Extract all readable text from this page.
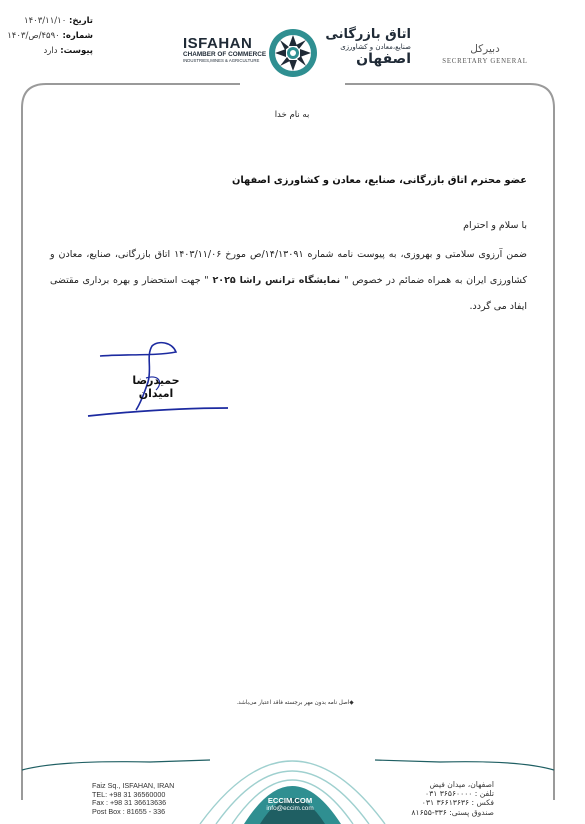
تاریخ: ۱۴۰۳/۱۱/۱۰
شماره: ۴۵۹۰/ص/۱۴۰۳
پیوست: دارد	ISFAHAN
CHAMBER OF COMMERCE
INDUSTRIES,MINES & AGRICULTURE
اتاق بازرگانی
صنایع،معادن و کشاورزی
اصفهان
دبیرکل
SECRETARY GENERAL
به نام خدا
عضو محترم اتاق بازرگانی، صنایع، معادن و کشاورزی اصفهان
با سلام و احترام
ضمن آرزوی سلامتی و بهروزی، به پیوست نامه شماره ۱۴/۱۳۰۹۱/ص مورخ ۱۴۰۳/۱۱/۰۶ اتاق بازرگانی، صنایع، معادن و کشاورزی ایران به همراه ضمائم در خصوص " نمایشگاه ترانس راشا ۲۰۲۵ " جهت استحضار و بهره برداری مقتضی ایفاد می گردد.
حمیدرضا امیدان
◆اصل نامه بدون مهر برجسته فاقد اعتبار می‌باشد.
ECCIM.COM
info@eccim.com
Faiz Sq., ISFAHAN, IRAN
TEL: +98 31 36560000
Fax : +98 31 36613636
Post Box : 81655 - 336
اصفهان، میدان فیض
تلفن : ۳۶۵۶۰۰۰۰ ۰۳۱
فکس : ۳۶۶۱۳۶۳۶ ۰۳۱
صندوق پستی: ۳۳۶-۸۱۶۵۵
